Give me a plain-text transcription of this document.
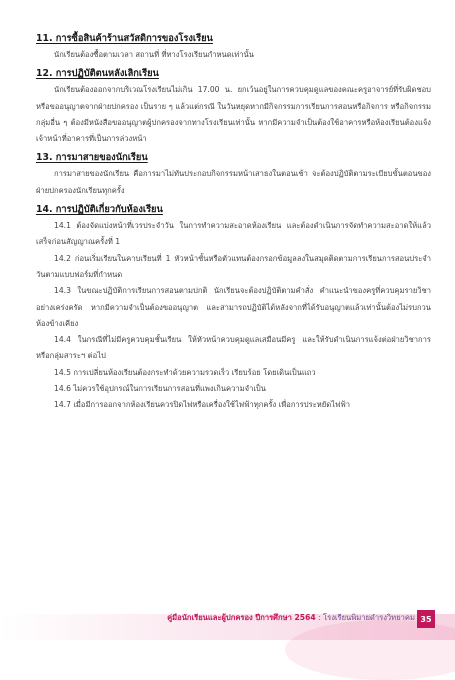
11. การซื้อสินค้าร้านสวัสดิการของโรงเรียน

นักเรียนต้องซื้อตามเวลา สถานที่ ที่ทางโรงเรียนกำหนดเท่านั้น

12. การปฏิบัติตนหลังเลิกเรียน

นักเรียนต้องออกจากบริเวณโรงเรียนไม่เกิน 17.00 น. ยกเว้นอยู่ในการควบคุมดูแลของคณะครูอาจารย์ที่รับผิดชอบ หรือขออนุญาตจากฝ่ายปกครอง เป็นราย ๆ แล้วแต่กรณี ในวันหยุดหากมีกิจกรรมการเรียนการสอนหรือกิจการ หรือกิจกรรมกลุ่มอื่น ๆ ต้องมีหนังสือขออนุญาตผู้ปกครองจากทางโรงเรียนเท่านั้น หากมีความจำเป็นต้องใช้อาคารหรือห้องเรียนต้องแจ้งเจ้าหน้าที่อาคารที่เป็นการล่วงหน้า

13. การมาสายของนักเรียน

การมาสายของนักเรียน คือการมาไม่ทันประกอบกิจกรรมหน้าเสาธงในตอนเช้า จะต้องปฏิบัติตามระเบียบขั้นตอนของฝ่ายปกครองนักเรียนทุกครั้ง

14. การปฏิบัติเกี่ยวกับห้องเรียน

14.1 ต้องจัดแบ่งหน้าที่เวรประจำวัน ในการทำความสะอาดห้องเรียน และต้องดำเนินการจัดทำความสะอาดให้แล้วเสร็จก่อนสัญญาณครั้งที่ 1

14.2 ก่อนเริ่มเรียนในคาบเรียนที่ 1 หัวหน้าชั้นหรือตัวแทนต้องกรอกข้อมูลลงในสมุดติดตามการเรียนการสอนประจำวันตามแบบฟอร์มที่กำหนด

14.3 ในขณะปฏิบัติการเรียนการสอนตามปกติ นักเรียนจะต้องปฏิบัติตามคำสั่ง คำแนะนำของครูที่ควบคุมรายวิชาอย่างเคร่งครัด หากมีความจำเป็นต้องขออนุญาต และสามารถปฏิบัติได้หลังจากที่ได้รับอนุญาตแล้วเท่านั้นต้องไม่รบกวนห้องข้างเคียง

14.4 ในกรณีที่ไม่มีครูควบคุมชั้นเรียน ให้หัวหน้าควบคุมดูแลเสมือนมีครู และให้รับดำเนินการแจ้งต่อฝ่ายวิชาการหรือกลุ่มสาระฯ ต่อไป

14.5 การเปลี่ยนห้องเรียนต้องกระทำด้วยความรวดเร็ว เรียบร้อย โดยเดินเป็นแถว

14.6 ไม่ควรใช้อุปกรณ์ในการเรียนการสอนที่แพงเกินความจำเป็น

14.7 เมื่อมีการออกจากห้องเรียนควรปิดไฟหรือเครื่องใช้ไฟฟ้าทุกครั้ง เพื่อการประหยัดไฟฟ้า

คู่มือนักเรียนและผู้ปกครอง ปีการศึกษา 2564 : โรงเรียนพิมายดำรงวิทยาคม 35
